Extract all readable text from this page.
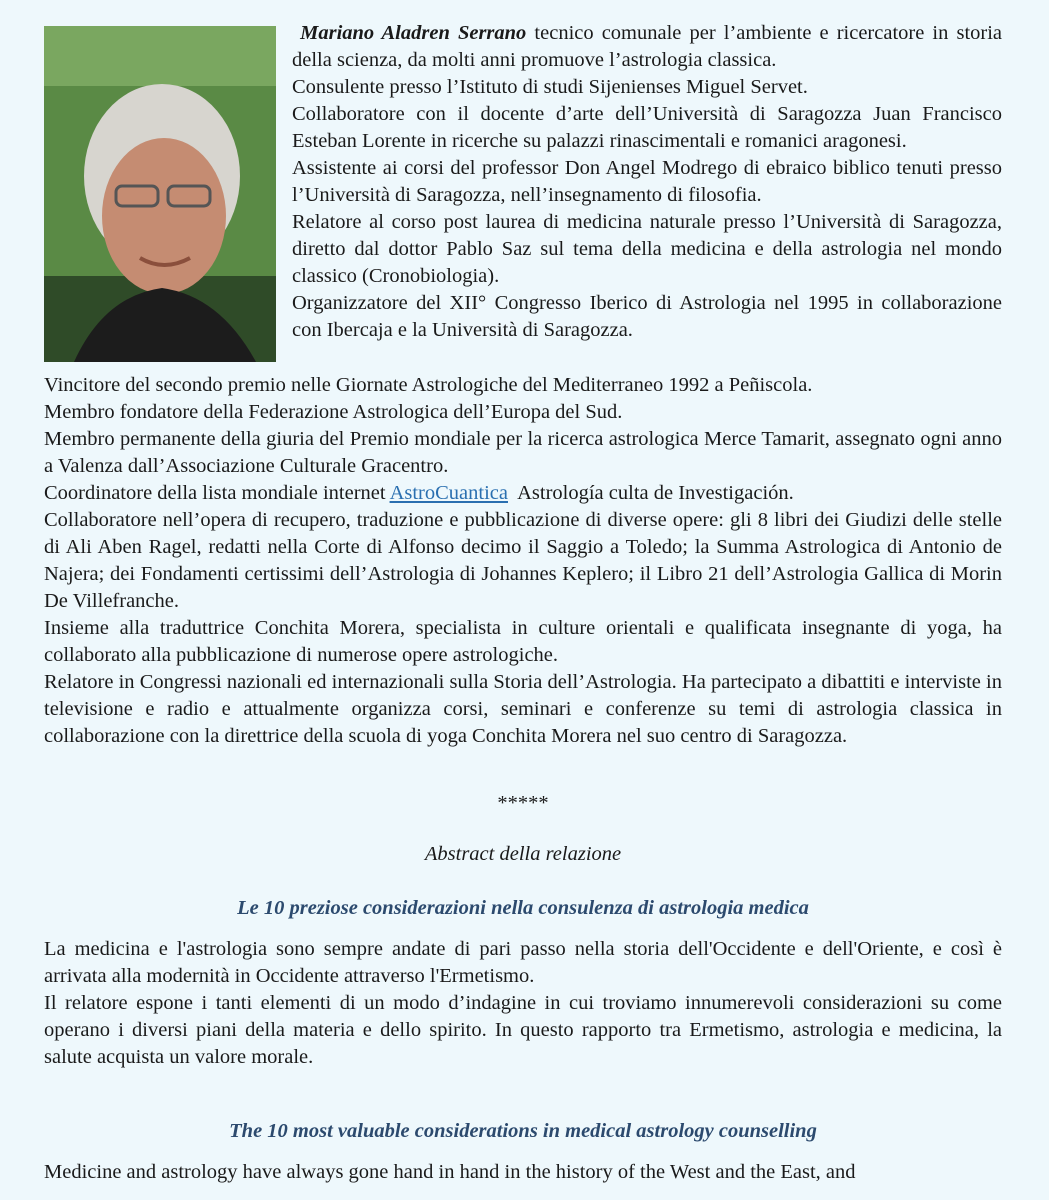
Mariano Aladren Serrano tecnico comunale per l’ambiente e ricercatore in storia della scienza, da molti anni promuove l’astrologia classica.

Consulente presso l’Istituto di studi Sijenienses Miguel Servet.

Collaboratore con il docente d’arte dell’Università di Saragozza Juan Francisco Esteban Lorente in ricerche su palazzi rinascimentali e romanici aragonesi.

Assistente ai corsi del professor Don Angel Modrego di ebraico biblico tenuti presso l’Università di Saragozza, nell’insegnamento di filosofia.

Relatore al corso post laurea di medicina naturale presso l’Università di Saragozza, diretto dal dottor Pablo Saz sul tema della medicina e della astrologia nel mondo classico (Cronobiologia).

Organizzatore del XII° Congresso Iberico di Astrologia nel 1995 in collaborazione con Ibercaja e la Università di Saragozza.

Vincitore del secondo premio nelle Giornate Astrologiche del Mediterraneo 1992 a Peñiscola.

Membro fondatore della Federazione Astrologica dell’Europa del Sud.

Membro permanente della giuria del Premio mondiale per la ricerca astrologica Merce Tamarit, assegnato ogni anno a Valenza dall’Associazione Culturale Gracentro.

Coordinatore della lista mondiale internet AstroCuantica  Astrología culta de Investigación.

Collaboratore nell’opera di recupero, traduzione e pubblicazione di diverse opere: gli 8 libri dei Giudizi delle stelle di Ali Aben Ragel, redatti nella Corte di Alfonso decimo il Saggio a Toledo; la Summa Astrologica di Antonio de Najera; dei Fondamenti certissimi dell’Astrologia di Johannes Keplero; il Libro 21 dell’Astrologia Gallica di Morin De Villefranche.

Insieme alla traduttrice Conchita Morera, specialista in culture orientali e qualificata insegnante di yoga, ha collaborato alla pubblicazione di numerose opere astrologiche.

Relatore in Congressi nazionali ed internazionali sulla Storia dell’Astrologia. Ha partecipato a dibattiti e interviste in televisione e radio e attualmente organizza corsi, seminari e conferenze su temi di astrologia classica in collaborazione con la direttrice della scuola di yoga Conchita Morera nel suo centro di Saragozza.

*****
Abstract della relazione
Le 10 preziose considerazioni nella consulenza di astrologia medica

La medicina e l'astrologia sono sempre andate di pari passo nella storia dell'Occidente e dell'Oriente, e così è arrivata alla modernità in Occidente attraverso l'Ermetismo.

Il relatore espone i tanti elementi di un modo d’indagine in cui troviamo innumerevoli considerazioni su come operano i diversi piani della materia e dello spirito. In questo rapporto tra Ermetismo, astrologia e medicina, la salute acquista un valore morale.

The 10 most valuable considerations in medical astrology counselling

Medicine and astrology have always gone hand in hand in the history of the West and the East, and
